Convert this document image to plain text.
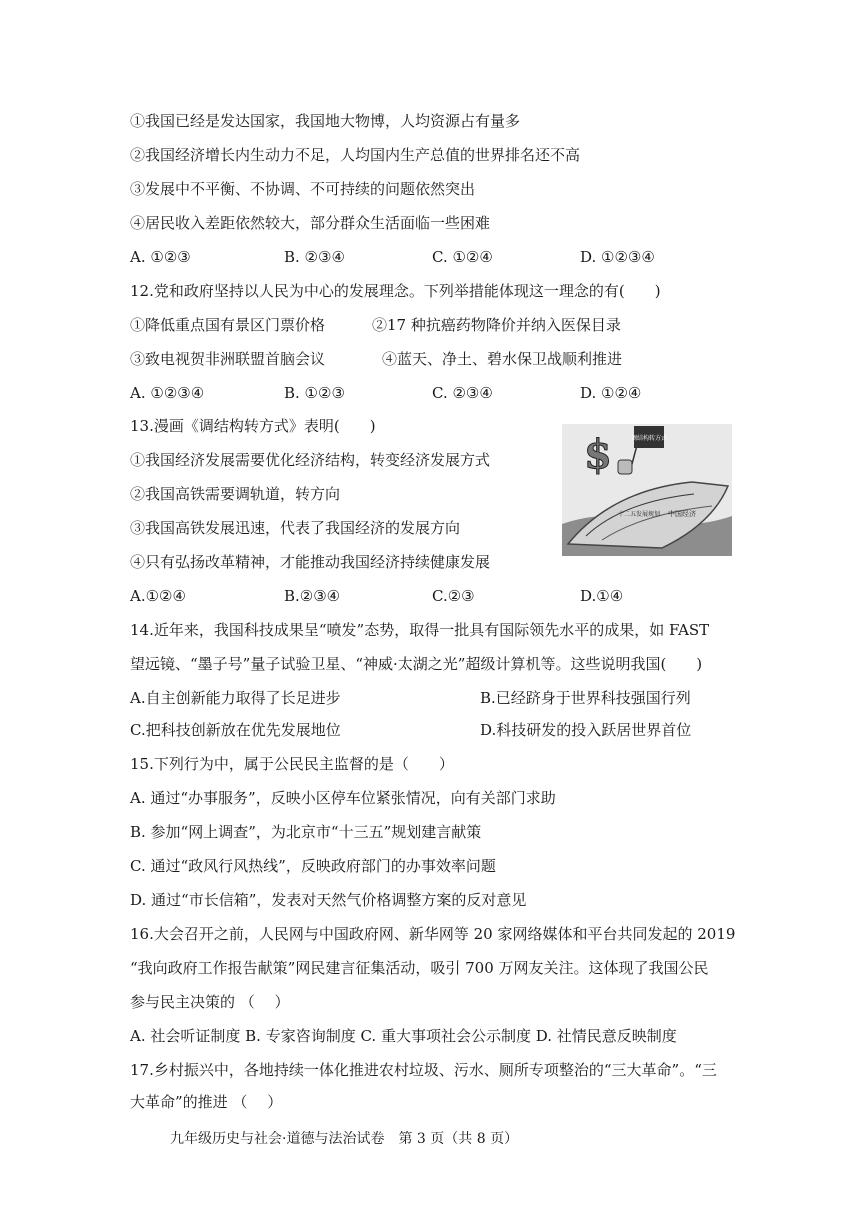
①我国已经是发达国家，我国地大物博，人均资源占有量多
②我国经济增长内生动力不足，人均国内生产总值的世界排名还不高
③发展中不平衡、不协调、不可持续的问题依然突出
④居民收入差距依然较大，部分群众生活面临一些困难
A. ①②③	B. ②③④	C. ①②④	D. ①②③④
12.党和政府坚持以人民为中心的发展理念。下列举措能体现这一理念的有(　　)
①降低重点国有景区门票价格	②17 种抗癌药物降价并纳入医保目录
③致电视贺非洲联盟首脑会议	④蓝天、净土、碧水保卫战顺利推进
A. ①②③④	B. ①②③	C. ②③④	D. ①②④
13.漫画《调结构转方式》表明(　　)
①我国经济发展需要优化经济结构，转变经济发展方式
②我国高铁需要调轨道，转方向
③我国高铁发展迅速，代表了我国经济的发展方向
④只有弘扬改革精神，才能推动我国经济持续健康发展
调结构转方式
$
十二五发展规划 中国经济
A.①②④	B.②③④	C.②③	D.①④
14.近年来，我国科技成果呈“喷发”态势，取得一批具有国际领先水平的成果，如 FAST
望远镜、“墨子号”量子试验卫星、“神威·太湖之光”超级计算机等。这些说明我国(　　)
A.自主创新能力取得了长足进步	B.已经跻身于世界科技强国行列
C.把科技创新放在优先发展地位	D.科技研发的投入跃居世界首位
15.下列行为中，属于公民民主监督的是（　　）
A. 通过“办事服务”，反映小区停车位紧张情况，向有关部门求助
B. 参加“网上调查”，为北京市“十三五”规划建言献策
C. 通过“政风行风热线”，反映政府部门的办事效率问题
D. 通过“市长信箱”，发表对天然气价格调整方案的反对意见
16.大会召开之前，人民网与中国政府网、新华网等 20 家网络媒体和平台共同发起的 2019
“我向政府工作报告献策”网民建言征集活动，吸引 700 万网友关注。这体现了我国公民
参与民主决策的 （　 ）
A. 社会听证制度 B. 专家咨询制度 C. 重大事项社会公示制度 D. 社情民意反映制度
17.乡村振兴中，各地持续一体化推进农村垃圾、污水、厕所专项整治的“三大革命”。“三
大革命”的推进 （　 ）
九年级历史与社会·道德与法治试卷　第 3 页（共 8 页）
